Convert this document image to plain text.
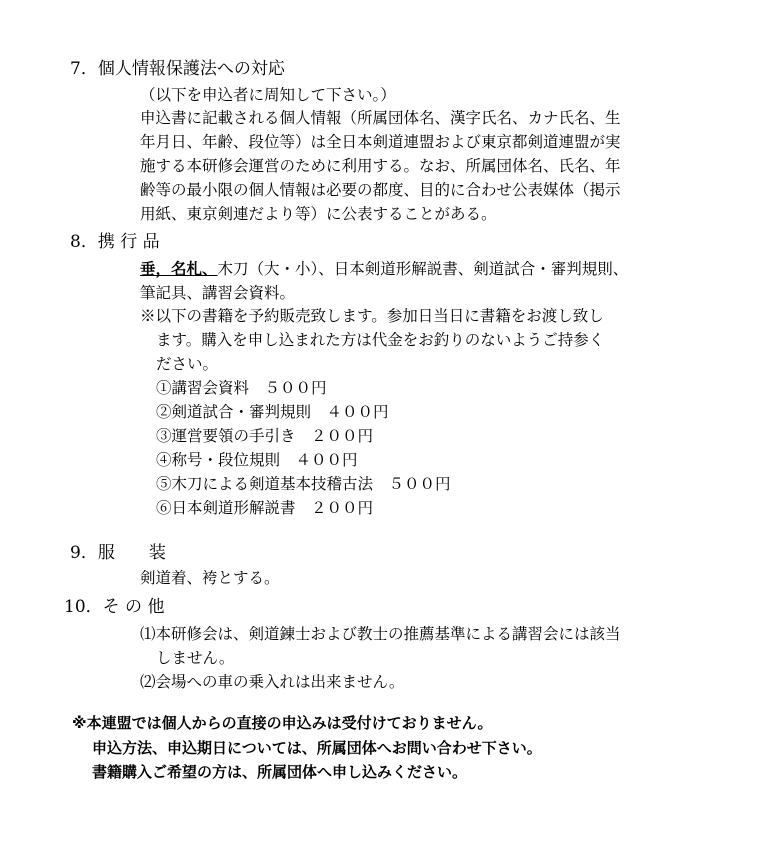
7．個人情報保護法への対応
（以下を申込者に周知して下さい。）
申込書に記載される個人情報（所属団体名、漢字氏名、カナ氏名、生
年月日、年齢、段位等）は全日本剣道連盟および東京都剣道連盟が実
施する本研修会運営のために利用する。なお、所属団体名、氏名、年
齢等の最小限の個人情報は必要の都度、目的に合わせ公表媒体（掲示
用紙、東京剣連だより等）に公表することがある。
8．携 行 品
垂，名札、木刀（大・小）、日本剣道形解説書、剣道試合・審判規則、
筆記具、講習会資料。
※以下の書籍を予約販売致します。参加日当日に書籍をお渡し致し
ます。購入を申し込まれた方は代金をお釣りのないようご持参く
ださい。
①講習会資料　５００円
②剣道試合・審判規則　４００円
③運営要領の手引き　２００円
④称号・段位規則　４００円
⑤木刀による剣道基本技稽古法　５００円
⑥日本剣道形解説書　２００円
9．服　　装
剣道着、袴とする。
10．そ の 他
⑴本研修会は、剣道錬士および教士の推薦基準による講習会には該当
しません。
⑵会場への車の乗入れは出来ません。
※本連盟では個人からの直接の申込みは受付けておりません。
申込方法、申込期日については、所属団体へお問い合わせ下さい。
書籍購入ご希望の方は、所属団体へ申し込みください。
